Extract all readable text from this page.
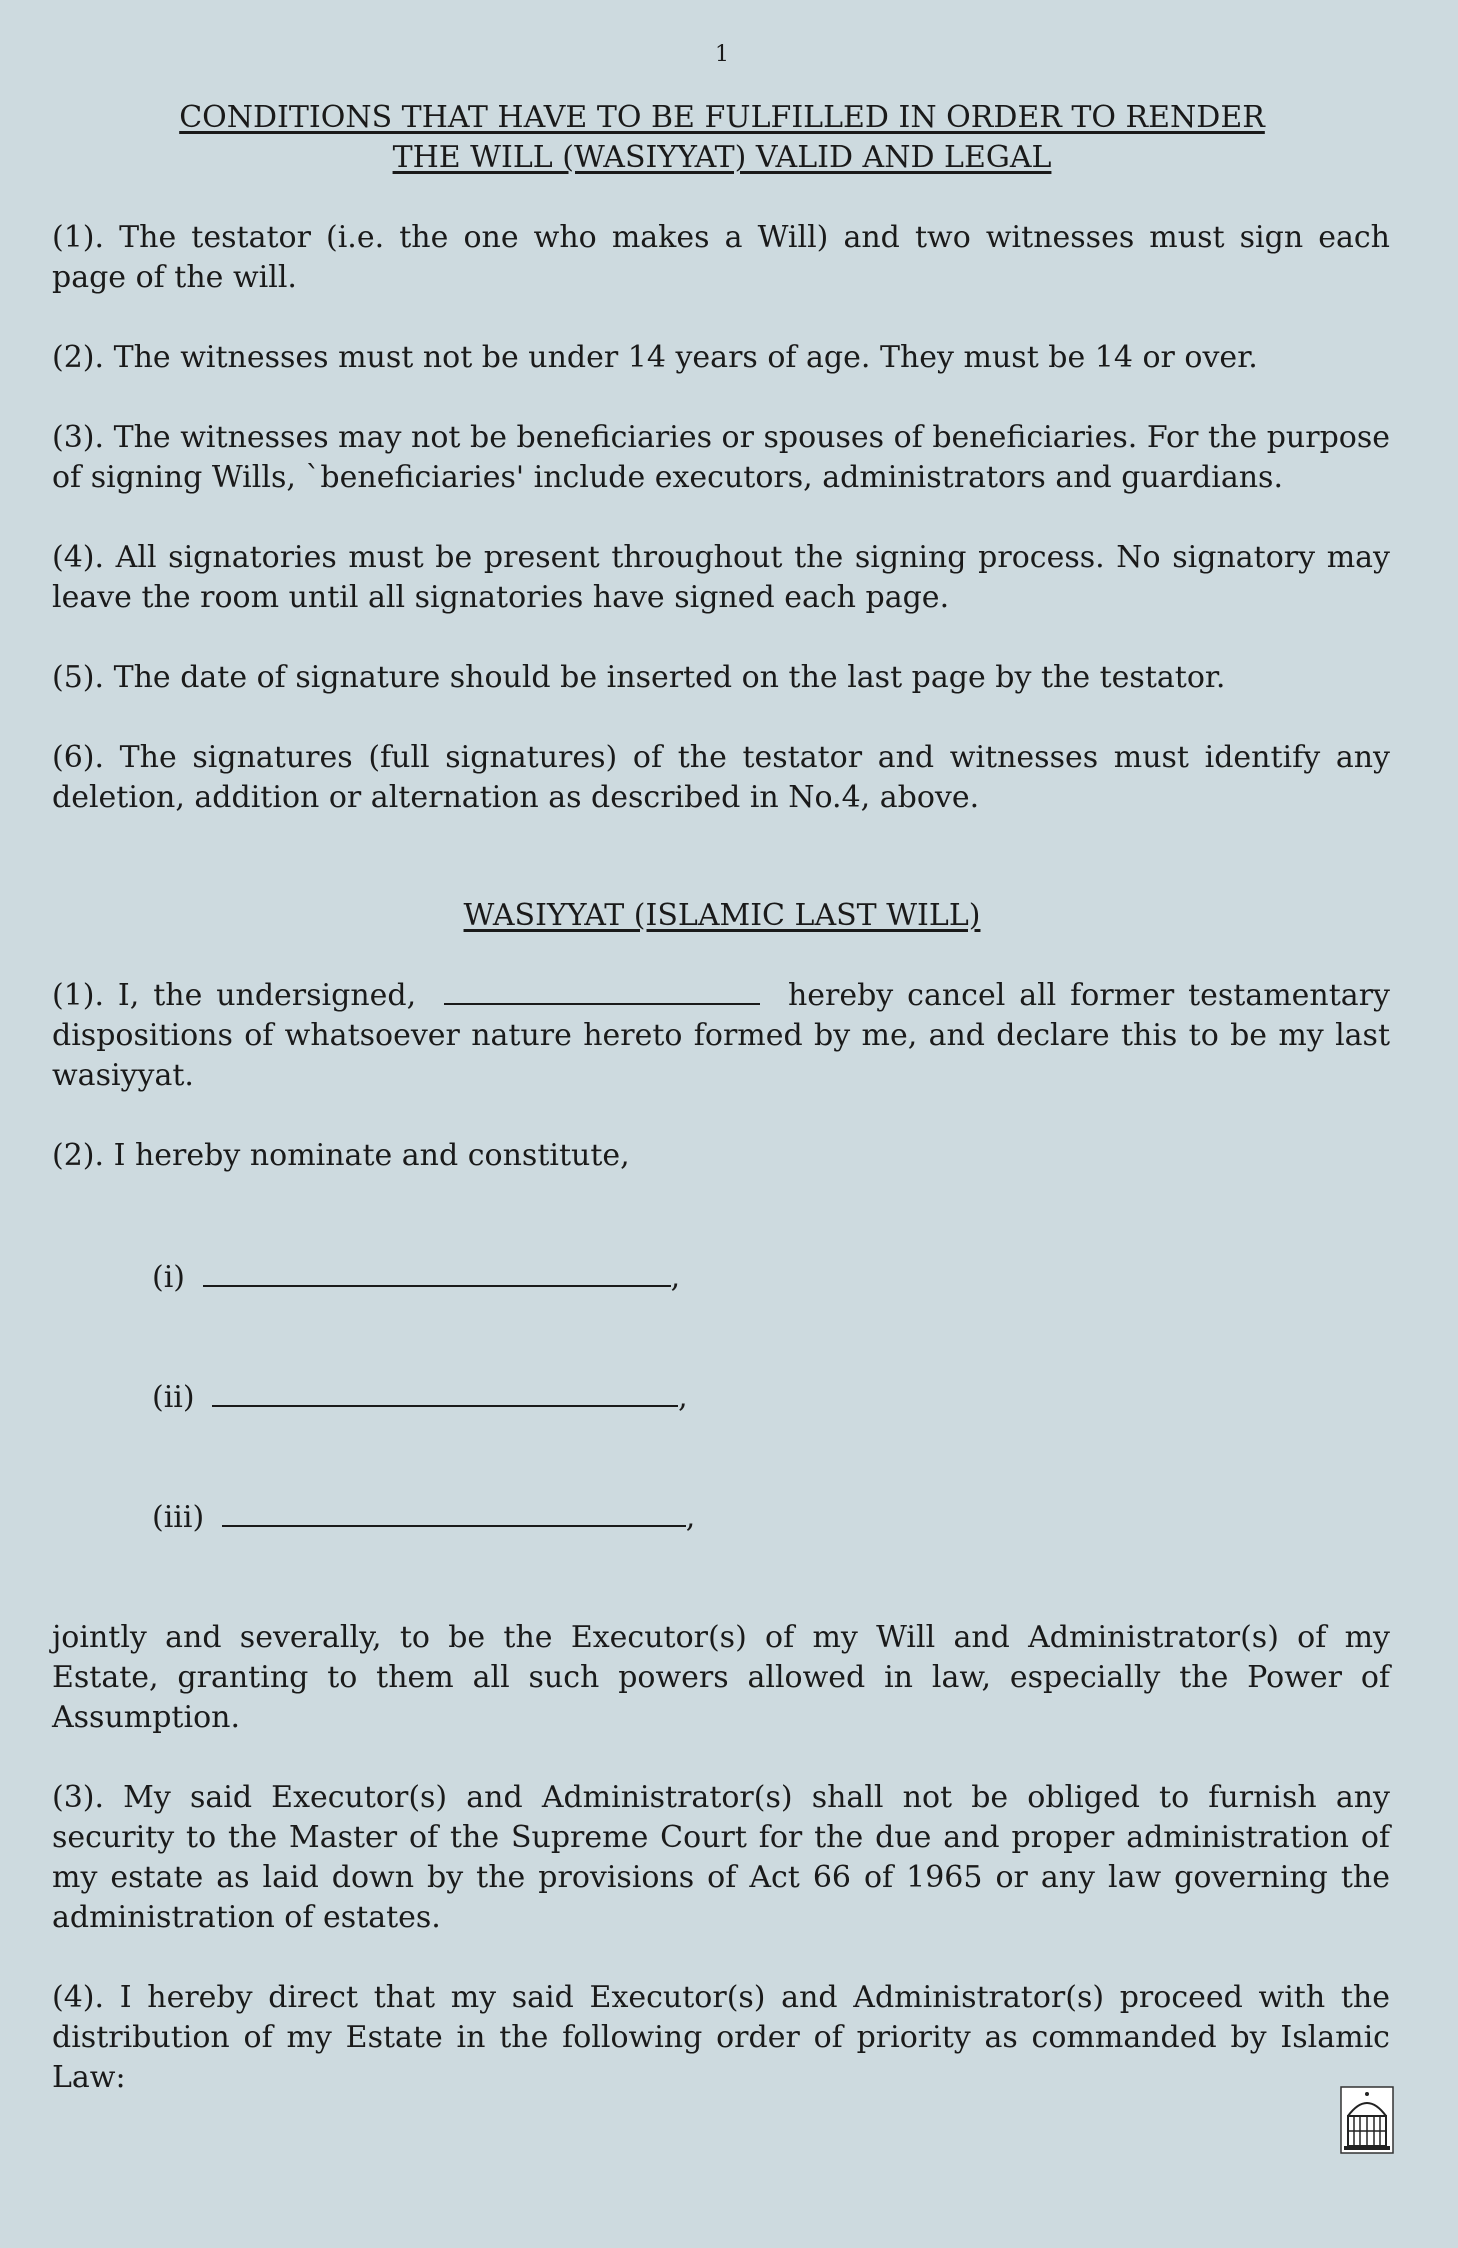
1
CONDITIONS THAT HAVE TO BE FULFILLED IN ORDER TO RENDER
THE WILL (WASIYYAT) VALID AND LEGAL
(1). The testator (i.e. the one who makes a Will) and two witnesses must sign each page of the will.
(2). The witnesses must not be under 14 years of age. They must be 14 or over.
(3). The witnesses may not be beneficiaries or spouses of beneficiaries. For the purpose of signing Wills, `beneficiaries' include executors, administrators and guardians.
(4). All signatories must be present throughout the signing process. No signatory may leave the room until all signatories have signed each page.
(5). The date of signature should be inserted on the last page by the testator.
(6). The signatures (full signatures) of the testator and witnesses must identify any deletion, addition or alternation as described in No.4, above.
WASIYYAT (ISLAMIC LAST WILL)
(1). I, the undersigned,	hereby cancel all former testamentary dispositions of whatsoever nature hereto formed by me, and declare this to be my last wasiyyat.
(2). I hereby nominate and constitute,
(i)	,
(ii)	,
(iii)	,
jointly and severally, to be the Executor(s) of my Will and Administrator(s) of my Estate, granting to them all such powers allowed in law, especially the Power of Assumption.
(3). My said Executor(s) and Administrator(s) shall not be obliged to furnish any security to the Master of the Supreme Court for the due and proper administration of my estate as laid down by the provisions of Act 66 of 1965 or any law governing the administration of estates.
(4). I hereby direct that my said Executor(s) and Administrator(s) proceed with the distribution of my Estate in the following order of priority as commanded by Islamic Law:
